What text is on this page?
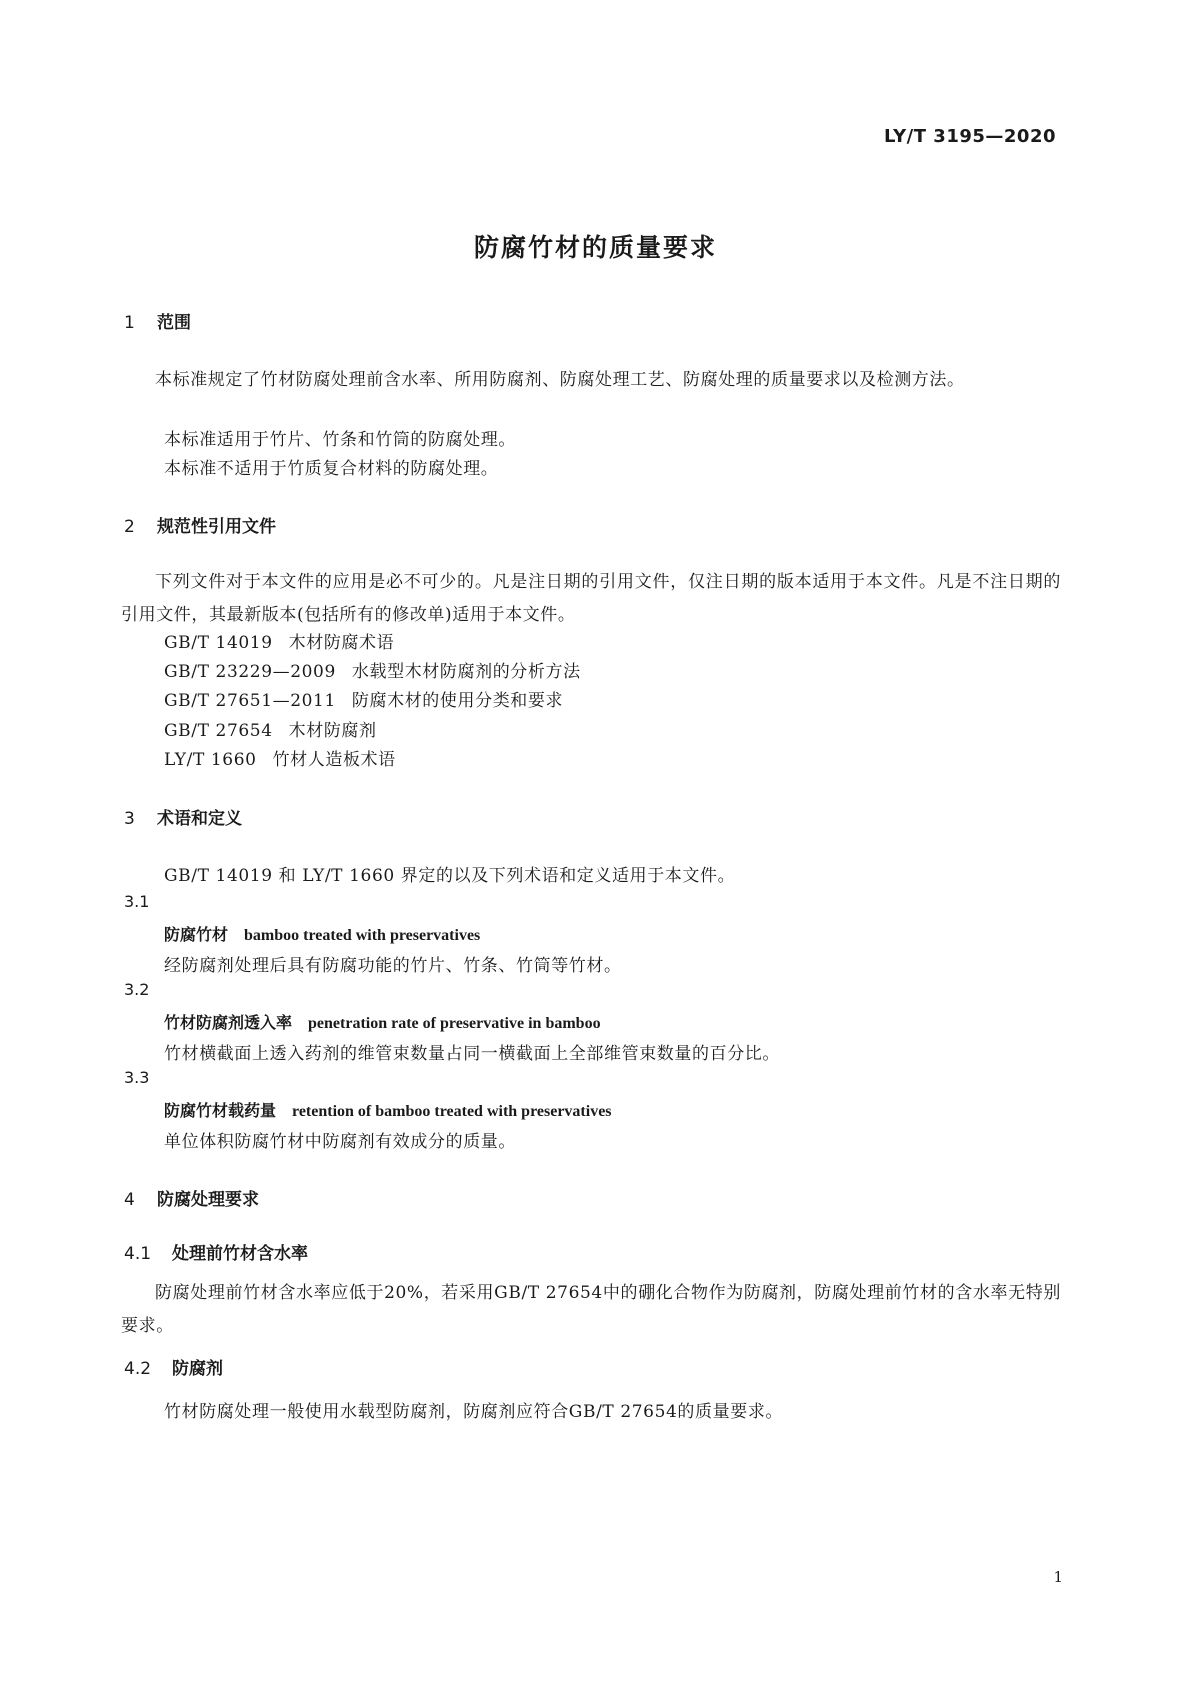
LY/T 3195—2020
防腐竹材的质量要求
1 范围
本标准规定了竹材防腐处理前含水率、所用防腐剂、防腐处理工艺、防腐处理的质量要求以及检测方法。
本标准适用于竹片、竹条和竹筒的防腐处理。
本标准不适用于竹质复合材料的防腐处理。
2 规范性引用文件
下列文件对于本文件的应用是必不可少的。凡是注日期的引用文件，仅注日期的版本适用于本文件。凡是不注日期的引用文件，其最新版本(包括所有的修改单)适用于本文件。
GB/T 14019 木材防腐术语
GB/T 23229—2009 水载型木材防腐剂的分析方法
GB/T 27651—2011 防腐木材的使用分类和要求
GB/T 27654 木材防腐剂
LY/T 1660 竹材人造板术语
3 术语和定义
GB/T 14019 和 LY/T 1660 界定的以及下列术语和定义适用于本文件。
3.1
防腐竹材 bamboo treated with preservatives
经防腐剂处理后具有防腐功能的竹片、竹条、竹筒等竹材。
3.2
竹材防腐剂透入率 penetration rate of preservative in bamboo
竹材横截面上透入药剂的维管束数量占同一横截面上全部维管束数量的百分比。
3.3
防腐竹材载药量 retention of bamboo treated with preservatives
单位体积防腐竹材中防腐剂有效成分的质量。
4 防腐处理要求
4.1 处理前竹材含水率
防腐处理前竹材含水率应低于20%，若采用GB/T 27654中的硼化合物作为防腐剂，防腐处理前竹材的含水率无特别要求。
4.2 防腐剂
竹材防腐处理一般使用水载型防腐剂，防腐剂应符合GB/T 27654的质量要求。
1
